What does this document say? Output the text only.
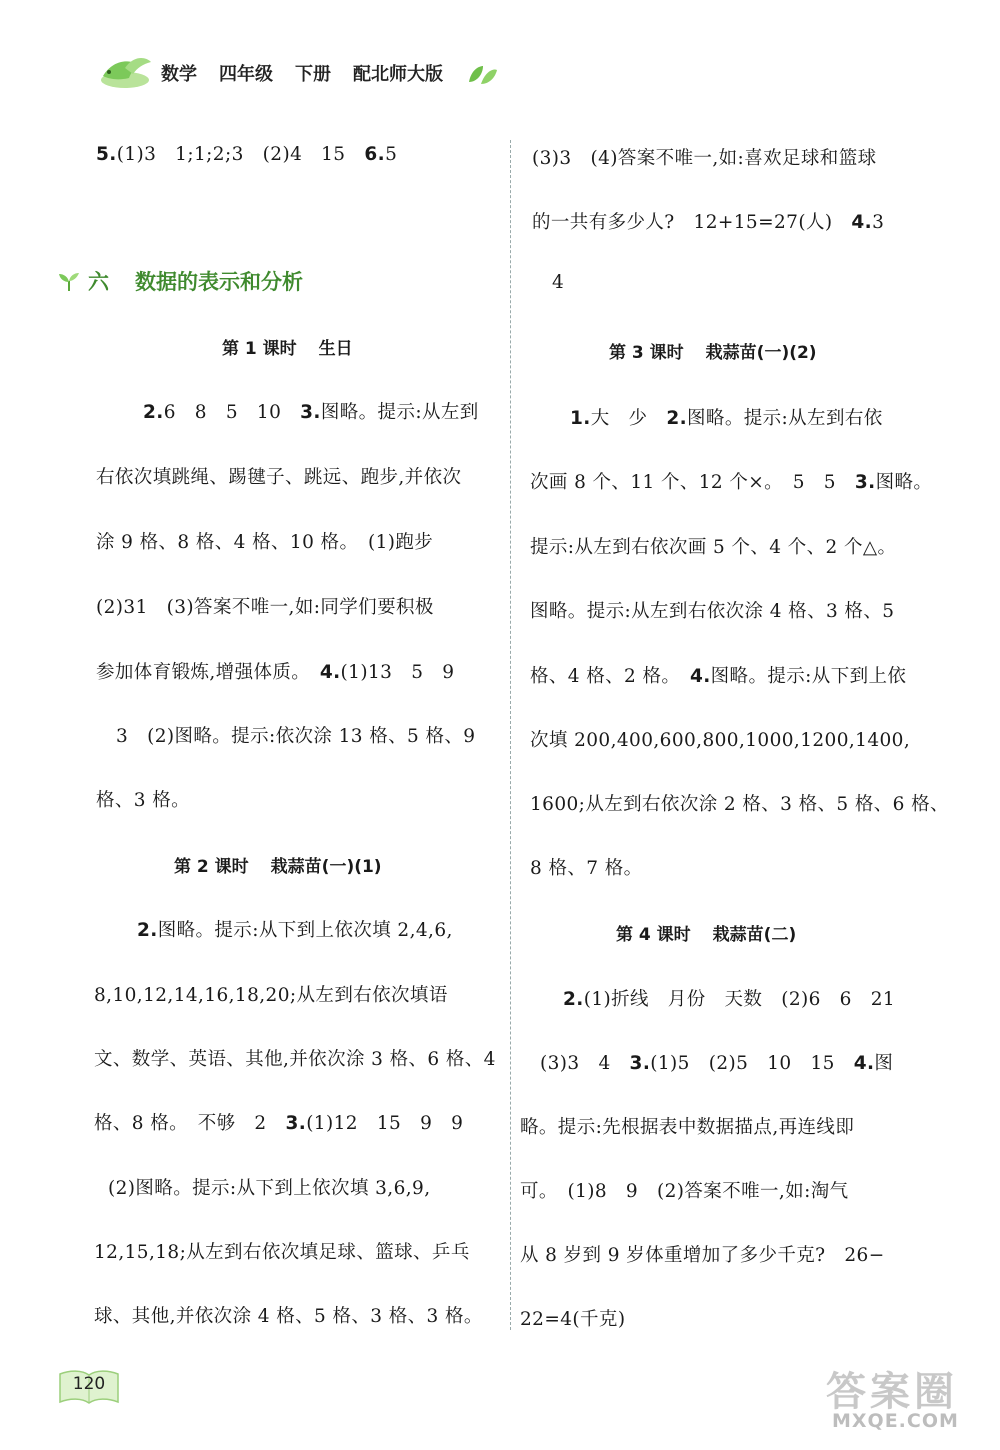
数学 四年级 下册 配北师大版
5.(1)3　1;1;2;3　(2)4　15　 6.5
六 数据的表示和分析
第 1 课时 生日
2.6　8　5　10　3.图略。提示:从左到
右依次填跳绳、踢毽子、跳远、跑步,并依次
涂 9 格、8 格、4 格、10 格。　(1)跑步
(2)31　(3)答案不唯一,如:同学们要积极
参加体育锻炼,增强体质。　4.(1)13　5　9
3　(2)图略。提示:依次涂 13 格、5 格、9
格、3 格。
第 2 课时 栽蒜苗(一)(1)
2.图略。提示:从下到上依次填 2,4,6,
8,10,12,14,16,18,20;从左到右依次填语
文、数学、英语、其他,并依次涂 3 格、6 格、4
格、8 格。　不够　2　3.(1)12　15　9　9
(2)图略。提示:从下到上依次填 3,6,9,
12,15,18;从左到右依次填足球、篮球、乒乓
球、其他,并依次涂 4 格、5 格、3 格、3 格。
(3)3　(4)答案不唯一,如:喜欢足球和篮球
的一共有多少人?　12+15=27(人)　4.3
4
第 3 课时 栽蒜苗(一)(2)
1.大　少　2.图略。提示:从左到右依
次画 8 个、11 个、12 个×。　5　5　3.图略。
提示:从左到右依次画 5 个、4 个、2 个△。
图略。提示:从左到右依次涂 4 格、3 格、5
格、4 格、2 格。　4.图略。提示:从下到上依
次填 200,400,600,800,1000,1200,1400,
1600;从左到右依次涂 2 格、3 格、5 格、6 格、
8 格、7 格。
第 4 课时 栽蒜苗(二)
2.(1)折线　月份　天数　(2)6　6　21
(3)3　4　3.(1)5　(2)5　10　15　4.图
略。提示:先根据表中数据描点,再连线即
可。　(1)8　9　(2)答案不唯一,如:淘气
从 8 岁到 9 岁体重增加了多少千克?　26−
22=4(千克)
120	答案圈
MXQE.COM
